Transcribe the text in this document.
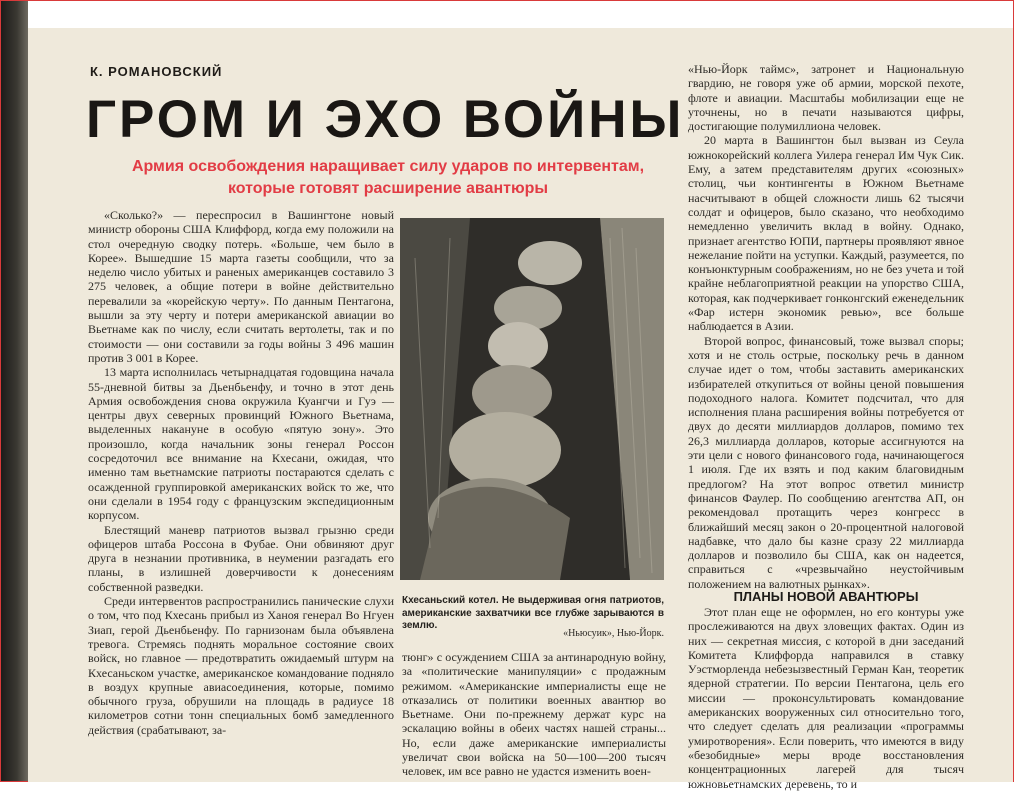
К. РОМАНОВСКИЙ
ГРОМ И ЭХО ВОЙНЫ
Армия освобождения наращивает силу ударов по интервентам, которые готовят расширение авантюры

«Сколько?» — переспросил в Вашингтоне новый министр обороны США Клиффорд, когда ему положили на стол очередную сводку потерь. «Больше, чем было в Корее». Вышедшие 15 марта газеты сообщили, что за неделю число убитых и раненых американцев составило 3 275 человек, а общие потери в войне действительно перевалили за «корейскую черту». По данным Пентагона, вышли за эту черту и потери американской авиации во Вьетнаме как по числу, если считать вертолеты, так и по стоимости — они составили за годы войны 3 496 машин против 3 001 в Корее.

13 марта исполнилась четырнадцатая годовщина начала 55-дневной битвы за Дьенбьенфу, и точно в этот день Армия освобождения снова окружила Куангчи и Гуэ — центры двух северных провинций Южного Вьетнама, выделенных накануне в особую «пятую зону». Это произошло, когда начальник зоны генерал Россон сосредоточил все внимание на Кхесани, ожидая, что именно там вьетнамские патриоты постараются сделать с осажденной группировкой американских войск то же, что они сделали в 1954 году с французским экспедиционным корпусом.

Блестящий маневр патриотов вызвал грызню среди офицеров штаба Россона в Фубае. Они обвиняют друг друга в незнании противника, в неумении разгадать его планы, в излишней доверчивости к донесениям собственной разведки.

Среди интервентов распространились панические слухи о том, что под Кхесань прибыл из Ханоя генерал Во Нгуен Зиап, герой Дьенбьенфу. По гарнизонам была объявлена тревога. Стремясь поднять моральное состояние своих войск, но главное — предотвратить ожидаемый штурм на Кхесаньском участке, американское командование подняло в воздух крупные авиасоединения, которые, помимо обычного груза, обрушили на площадь в радиусе 18 километров сотни тонн специальных бомб замедленного действия (срабатывают, за-

Кхесаньский котел. Не выдерживая огня патриотов, американские захватчики все глубже зарываются в землю.
«Ньюсуик», Нью-Йорк.

тюнг» с осуждением США за антинародную войну, за «политические манипуляции» с продажным режимом. «Американские империалисты еще не отказались от политики военных авантюр во Вьетнаме. Они по-прежнему держат курс на эскалацию войны в обеих частях нашей страны... Но, если даже американские империалисты увеличат свои войска на 50—100—200 тысяч человек, им все равно не удастся изменить воен-

«Нью-Йорк таймс», затронет и Национальную гвардию, не говоря уже об армии, морской пехоте, флоте и авиации. Масштабы мобилизации еще не уточнены, но в печати называются цифры, достигающие полумиллиона человек.

20 марта в Вашингтон был вызван из Сеула южнокорейский коллега Уилера генерал Им Чук Сик. Ему, а затем представителям других «союзных» столиц, чьи контингенты в Южном Вьетнаме насчитывают в общей сложности лишь 62 тысячи солдат и офицеров, было сказано, что необходимо немедленно увеличить вклад в войну. Однако, признает агентство ЮПИ, партнеры проявляют явное нежелание пойти на уступки. Каждый, разумеется, по конъюнктурным соображениям, но не без учета и той крайне неблагоприятной реакции на упорство США, которая, как подчеркивает гонконгский еженедельник «Фар истерн экономик ревью», все больше наблюдается в Азии.

Второй вопрос, финансовый, тоже вызвал споры; хотя и не столь острые, поскольку речь в данном случае идет о том, чтобы заставить американских избирателей откупиться от войны ценой повышения подоходного налога. Комитет подсчитал, что для исполнения плана расширения войны потребуется от двух до десяти миллиардов долларов, помимо тех 26,3 миллиарда долларов, которые ассигнуются на эти цели с нового финансового года, начинающегося 1 июля. Где их взять и под каким благовидным предлогом? На этот вопрос ответил министр финансов Фаулер. По сообщению агентства АП, он рекомендовал протащить через конгресс в ближайший месяц закон о 20-процентной налоговой надбавке, что дало бы казне сразу 22 миллиарда долларов и позволило бы США, как он надеется, справиться с «чрезвычайно неустойчивым положением на валютных рынках».

ПЛАНЫ НОВОЙ АВАНТЮРЫ

Этот план еще не оформлен, но его контуры уже прослеживаются на двух зловещих фактах. Один из них — секретная миссия, с которой в дни заседаний Комитета Клиффорда направился в ставку Уэстморленда небезызвестный Герман Кан, теоретик ядерной стратегии. По версии Пентагона, цель его миссии — проконсультировать командование американских вооруженных сил относительно того, что следует сделать для реализации «программы умиротворения». Если поверить, что имеются в виду «безобидные» меры вроде восстановления концентрационных лагерей для тысяч южновьетнамских деревень, то и
